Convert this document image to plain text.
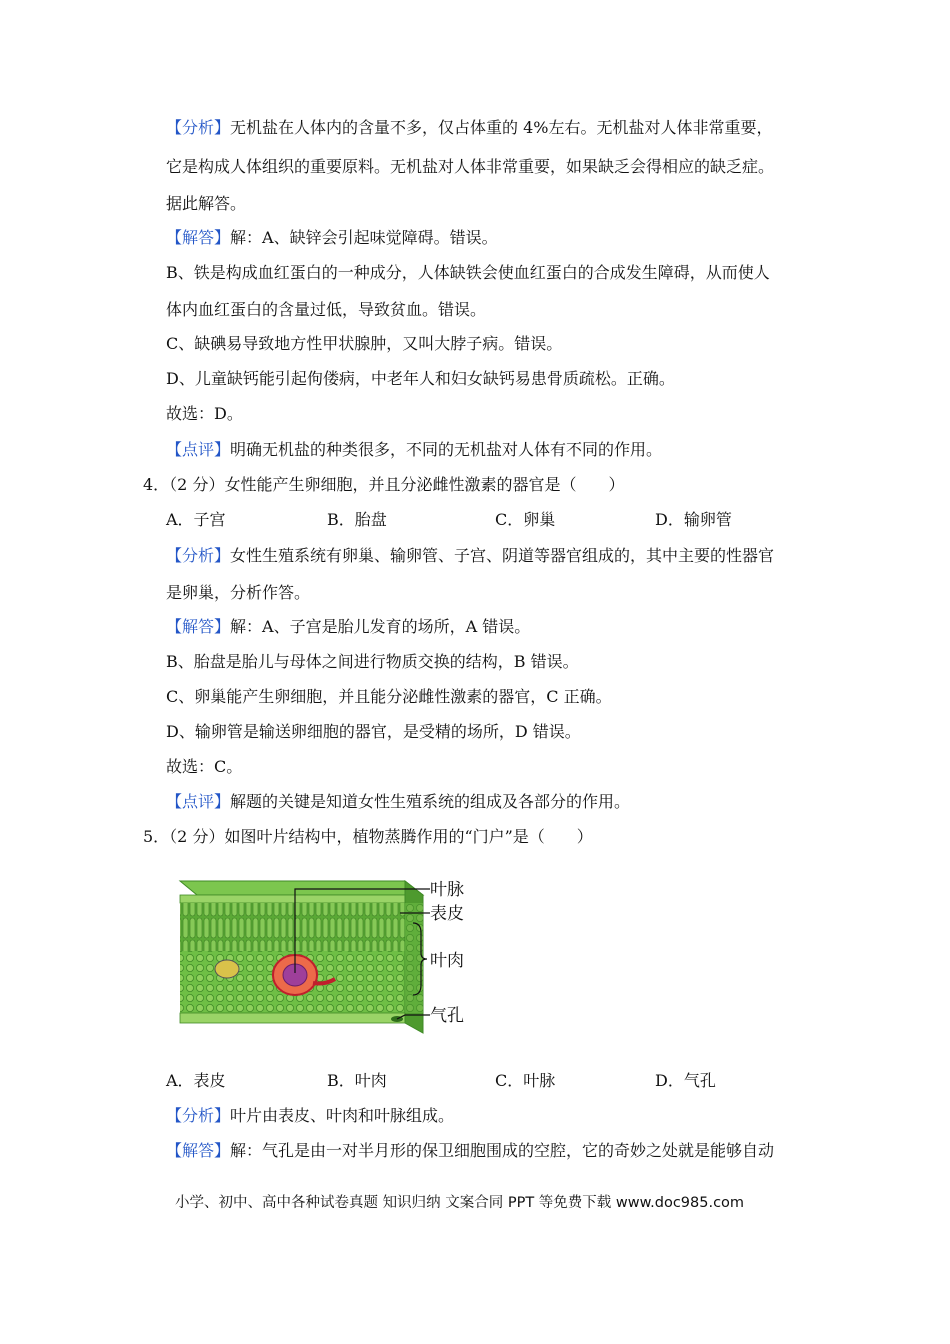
【分析】无机盐在人体内的含量不多，仅占体重的 4%左右。无机盐对人体非常重要，
它是构成人体组织的重要原料。无机盐对人体非常重要，如果缺乏会得相应的缺乏症。
据此解答。
【解答】解：A、缺锌会引起味觉障碍。错误。
B、铁是构成血红蛋白的一种成分，人体缺铁会使血红蛋白的合成发生障碍，从而使人
体内血红蛋白的含量过低，导致贫血。错误。
C、缺碘易导致地方性甲状腺肿，又叫大脖子病。错误。
D、儿童缺钙能引起佝偻病，中老年人和妇女缺钙易患骨质疏松。正确。
故选：D。
【点评】明确无机盐的种类很多，不同的无机盐对人体有不同的作用。
4．（2 分）女性能产生卵细胞，并且分泌雌性激素的器官是（　　）
A．子宫	B．胎盘	C．卵巢	D．输卵管
【分析】女性生殖系统有卵巢、输卵管、子宫、阴道等器官组成的，其中主要的性器官
是卵巢，分析作答。
【解答】解：A、子宫是胎儿发育的场所，A 错误。
B、胎盘是胎儿与母体之间进行物质交换的结构，B 错误。
C、卵巢能产生卵细胞，并且能分泌雌性激素的器官，C 正确。
D、输卵管是输送卵细胞的器官，是受精的场所，D 错误。
故选：C。
【点评】解题的关键是知道女性生殖系统的组成及各部分的作用。
5．（2 分）如图叶片结构中，植物蒸腾作用的“门户”是（　　）
叶脉
表皮
叶肉
气孔
A．表皮	B．叶肉	C．叶脉	D．气孔
【分析】叶片由表皮、叶肉和叶脉组成。
【解答】解：气孔是由一对半月形的保卫细胞围成的空腔，它的奇妙之处就是能够自动
小学、初中、高中各种试卷真题 知识归纳 文案合同 PPT 等免费下载 www.doc985.com
